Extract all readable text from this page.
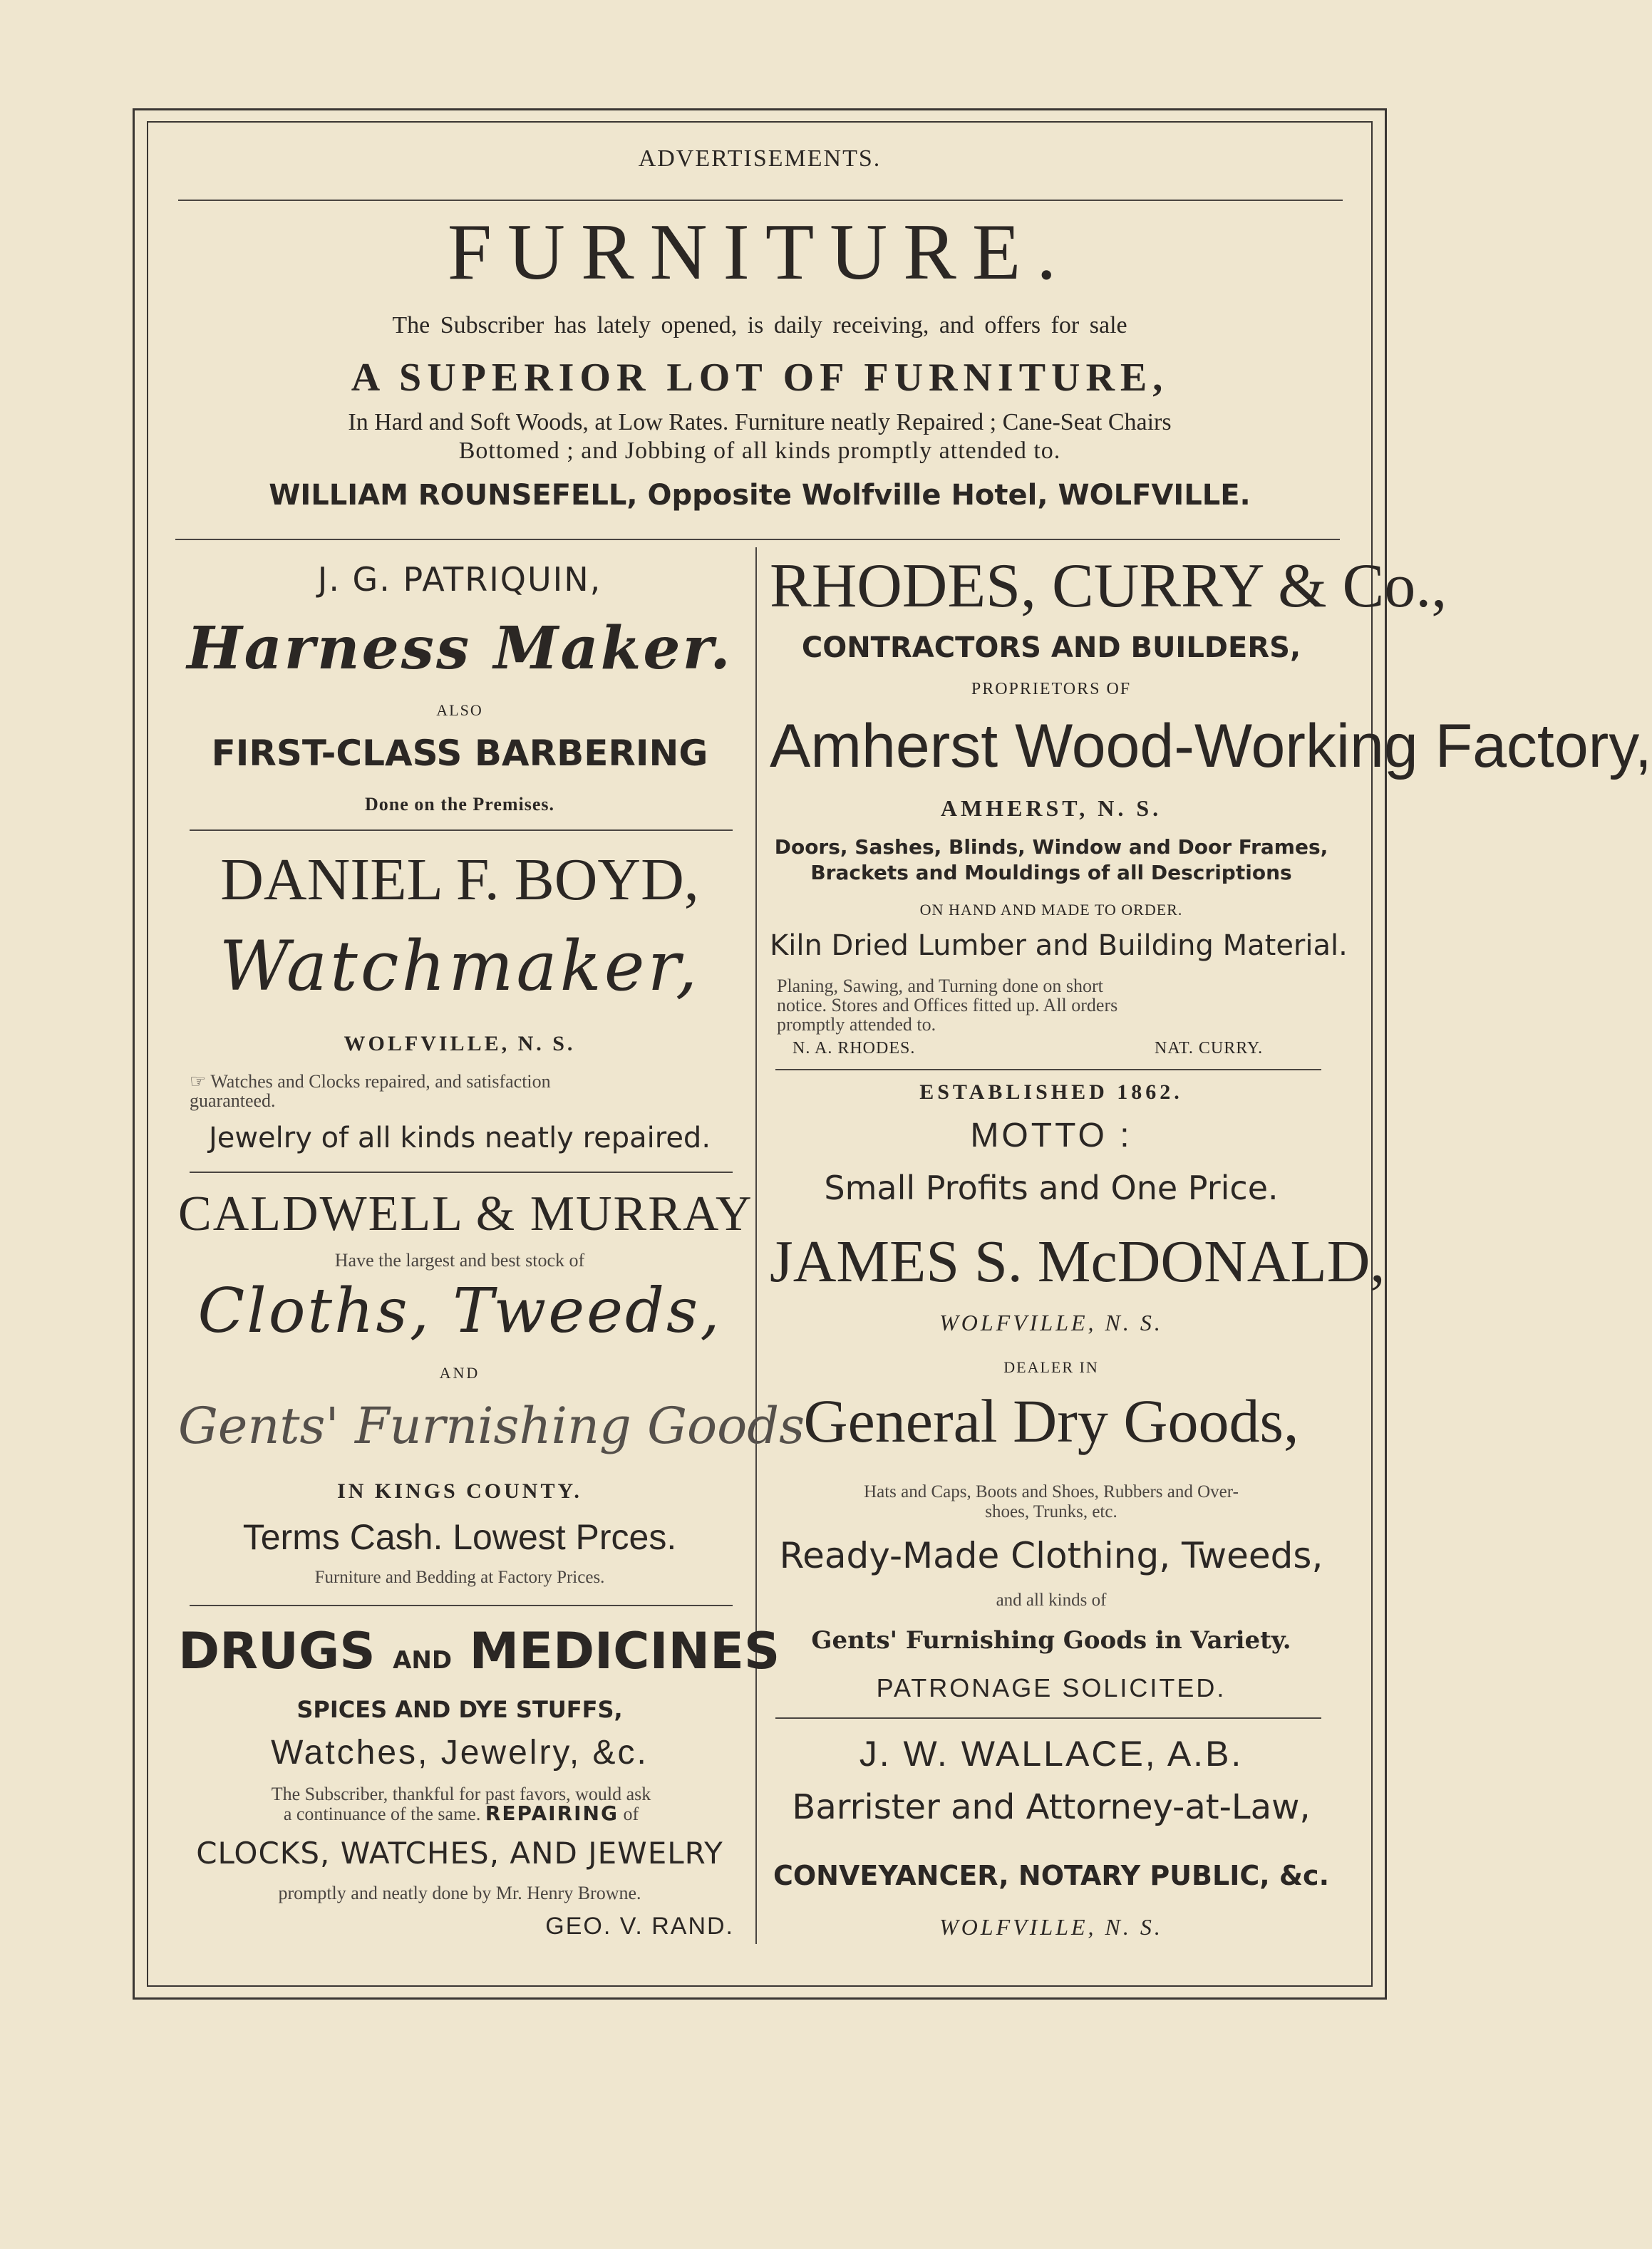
ADVERTISEMENTS.
FURNITURE.
The Subscriber has lately opened, is daily receiving, and offers for sale
A SUPERIOR LOT OF FURNITURE,
In Hard and Soft Woods, at Low Rates. Furniture neatly Repaired ; Cane-Seat Chairs
Bottomed ; and Jobbing of all kinds promptly attended to.
WILLIAM ROUNSEFELL, Opposite Wolfville Hotel, WOLFVILLE.
J. G. PATRIQUIN,
Harness Maker.
ALSO
FIRST-CLASS BARBERING
Done on the Premises.
DANIEL F. BOYD,
Watchmaker,
WOLFVILLE, N. S.
☞ Watches and Clocks repaired, and satisfaction
guaranteed.
Jewelry of all kinds neatly repaired.
CALDWELL & MURRAY
Have the largest and best stock of
Cloths, Tweeds,
AND
Gents' Furnishing Goods
IN KINGS COUNTY.
Terms Cash. Lowest Prces.
Furniture and Bedding at Factory Prices.
DRUGS AND MEDICINES
SPICES AND DYE STUFFS,
Watches, Jewelry, &c.
The Subscriber, thankful for past favors, would ask
a continuance of the same. REPAIRING of
CLOCKS, WATCHES, AND JEWELRY
promptly and neatly done by Mr. Henry Browne.
GEO. V. RAND.
RHODES, CURRY & Co.,
CONTRACTORS AND BUILDERS,
PROPRIETORS OF
Amherst Wood-Working Factory,
AMHERST, N. S.
Doors, Sashes, Blinds, Window and Door Frames,
Brackets and Mouldings of all Descriptions
ON HAND AND MADE TO ORDER.
Kiln Dried Lumber and Building Material.
Planing, Sawing, and Turning done on short
notice. Stores and Offices fitted up. All orders
promptly attended to.
N. A. RHODES.	NAT. CURRY.
ESTABLISHED 1862.
MOTTO :
Small Profits and One Price.
JAMES S. McDONALD,
WOLFVILLE, N. S.
DEALER IN
General Dry Goods,
Hats and Caps, Boots and Shoes, Rubbers and Over-
shoes, Trunks, etc.
Ready-Made Clothing, Tweeds,
and all kinds of
Gents' Furnishing Goods in Variety.
PATRONAGE SOLICITED.
J. W. WALLACE, A.B.
Barrister and Attorney-at-Law,
CONVEYANCER, NOTARY PUBLIC, &c.
WOLFVILLE, N. S.
